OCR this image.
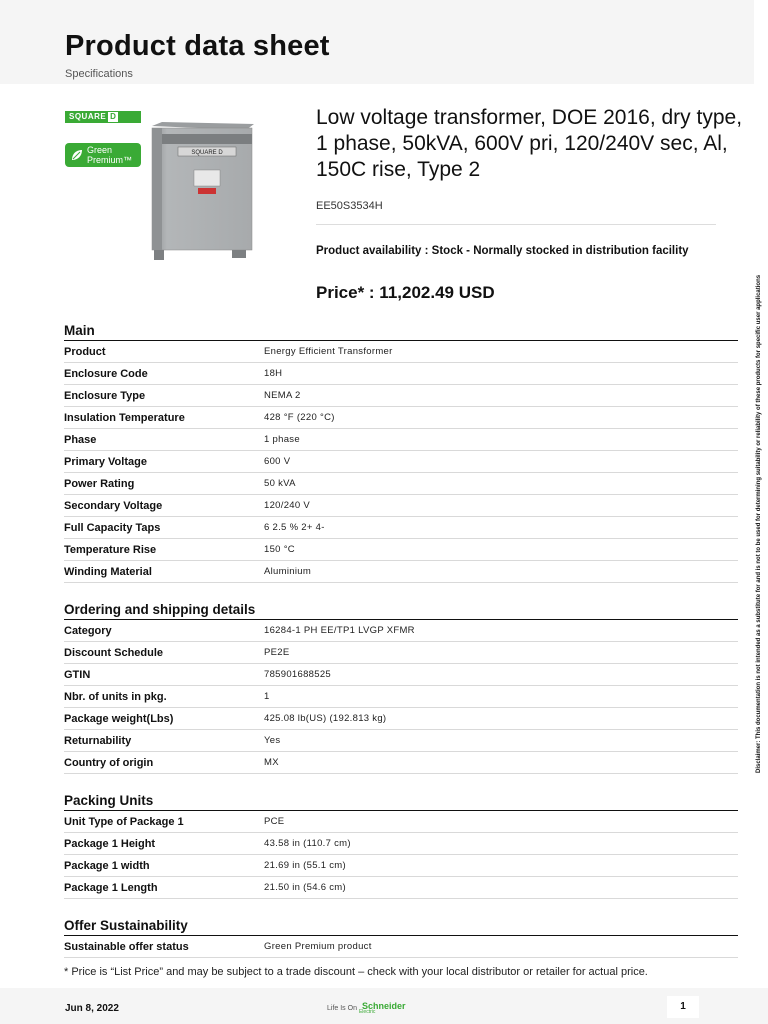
Product data sheet
Specifications
SQUARE D
Green
Premium™
SQUARE D
Low voltage transformer, DOE 2016, dry type, 1 phase, 50kVA, 600V pri, 120/240V sec, Al, 150C rise, Type 2
EE50S3534H
Product availability : Stock - Normally stocked in distribution facility
Price* : 11,202.49 USD
Main
Product	Energy Efficient Transformer
Enclosure Code	18H
Enclosure Type	NEMA 2
Insulation Temperature	428 °F (220 °C)
Phase	1 phase
Primary Voltage	600 V
Power Rating	50 kVA
Secondary Voltage	120/240 V
Full Capacity Taps	6 2.5 % 2+ 4-
Temperature Rise	150 °C
Winding Material	Aluminium
Ordering and shipping details
Category	16284-1 PH EE/TP1 LVGP XFMR
Discount Schedule	PE2E
GTIN	785901688525
Nbr. of units in pkg.	1
Package weight(Lbs)	425.08 lb(US) (192.813 kg)
Returnability	Yes
Country of origin	MX
Packing Units
Unit Type of Package 1	PCE
Package 1 Height	43.58 in (110.7 cm)
Package 1 width	21.69 in (55.1 cm)
Package 1 Length	21.50 in (54.6 cm)
Offer Sustainability
Sustainable offer status	Green Premium product
* Price is “List Price” and may be subject to a trade discount – check with your local distributor or retailer for actual price.
Jun 8, 2022	Life Is On Schneider
Electric	1
Disclaimer: This documentation is not intended as a substitute for and is not to be used for determining suitability or reliability of these products for specific user applications
